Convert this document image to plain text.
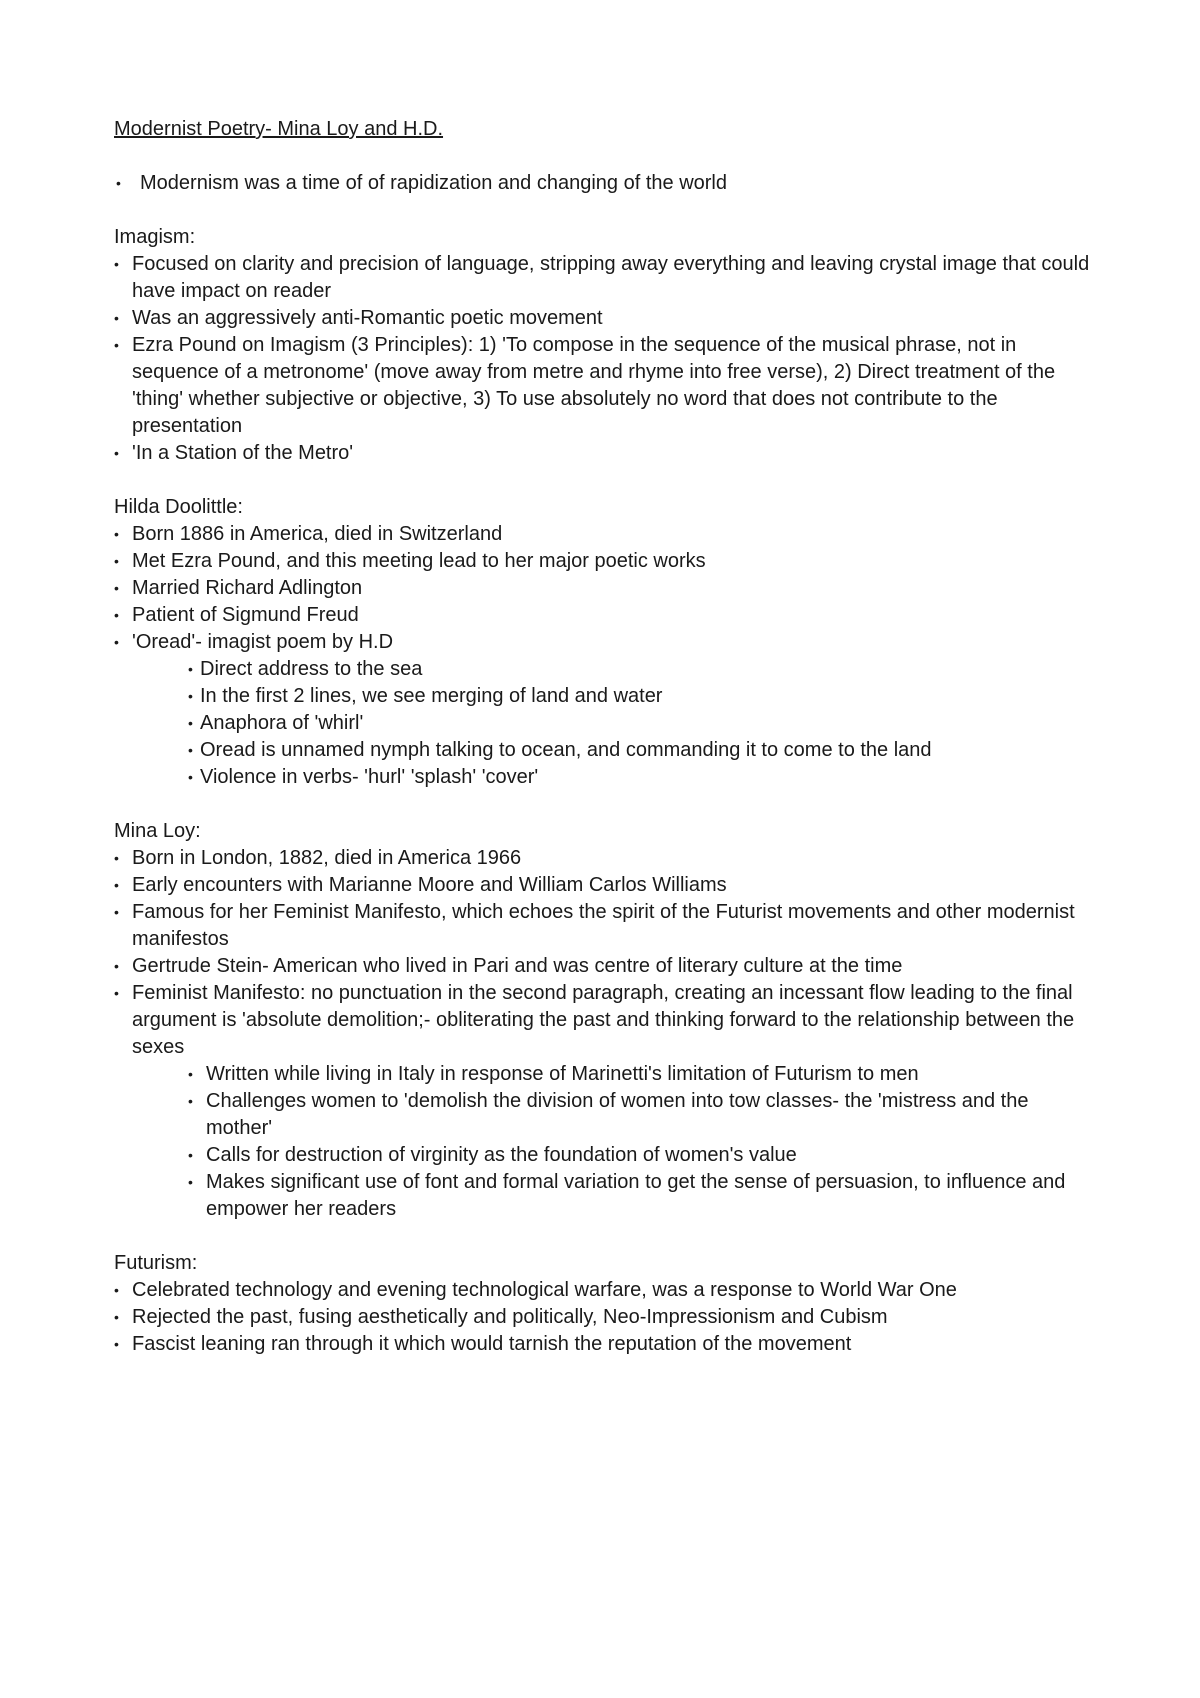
Modernist Poetry- Mina Loy and H.D.
• Modernism was a time of of rapidization and changing of the world
Imagism:
• Focused on clarity and precision of language, stripping away everything and leaving crystal image that could have impact on reader
• Was an aggressively anti-Romantic poetic movement
• Ezra Pound on Imagism (3 Principles): 1) 'To compose in the sequence of the musical phrase, not in sequence of a metronome' (move away from metre and rhyme into free verse), 2) Direct treatment of the 'thing' whether subjective or objective, 3) To use absolutely no word that does not contribute to the presentation
• 'In a Station of the Metro'
Hilda Doolittle:
• Born 1886 in America, died in Switzerland
• Met Ezra Pound, and this meeting lead to her major poetic works
• Married Richard Adlington
• Patient of Sigmund Freud
• 'Oread'- imagist poem by H.D
• Direct address to the sea
• In the first 2 lines, we see merging of land and water
• Anaphora of 'whirl'
• Oread is unnamed nymph talking to ocean, and commanding it to come to the land
• Violence in verbs- 'hurl' 'splash' 'cover'
Mina Loy:
• Born in London, 1882, died in America 1966
• Early encounters with Marianne Moore and William Carlos Williams
• Famous for her Feminist Manifesto, which echoes the spirit of the Futurist movements and other modernist manifestos
• Gertrude Stein- American who lived in Pari and was centre of literary culture at the time
• Feminist Manifesto: no punctuation in the second paragraph, creating an incessant flow leading to the final argument is 'absolute demolition;- obliterating the past and thinking forward to the relationship between the sexes
• Written while living in Italy in response of Marinetti's limitation of Futurism to men
• Challenges women to 'demolish the division of women into tow classes- the 'mistress and the mother'
• Calls for destruction of virginity as the foundation of women's value
• Makes significant use of font and formal variation to get the sense of persuasion, to influence and empower her readers
Futurism:
• Celebrated technology and evening technological warfare, was a response to World War One
• Rejected the past, fusing aesthetically and politically, Neo-Impressionism and Cubism
• Fascist leaning ran through it which would tarnish the reputation of the movement
